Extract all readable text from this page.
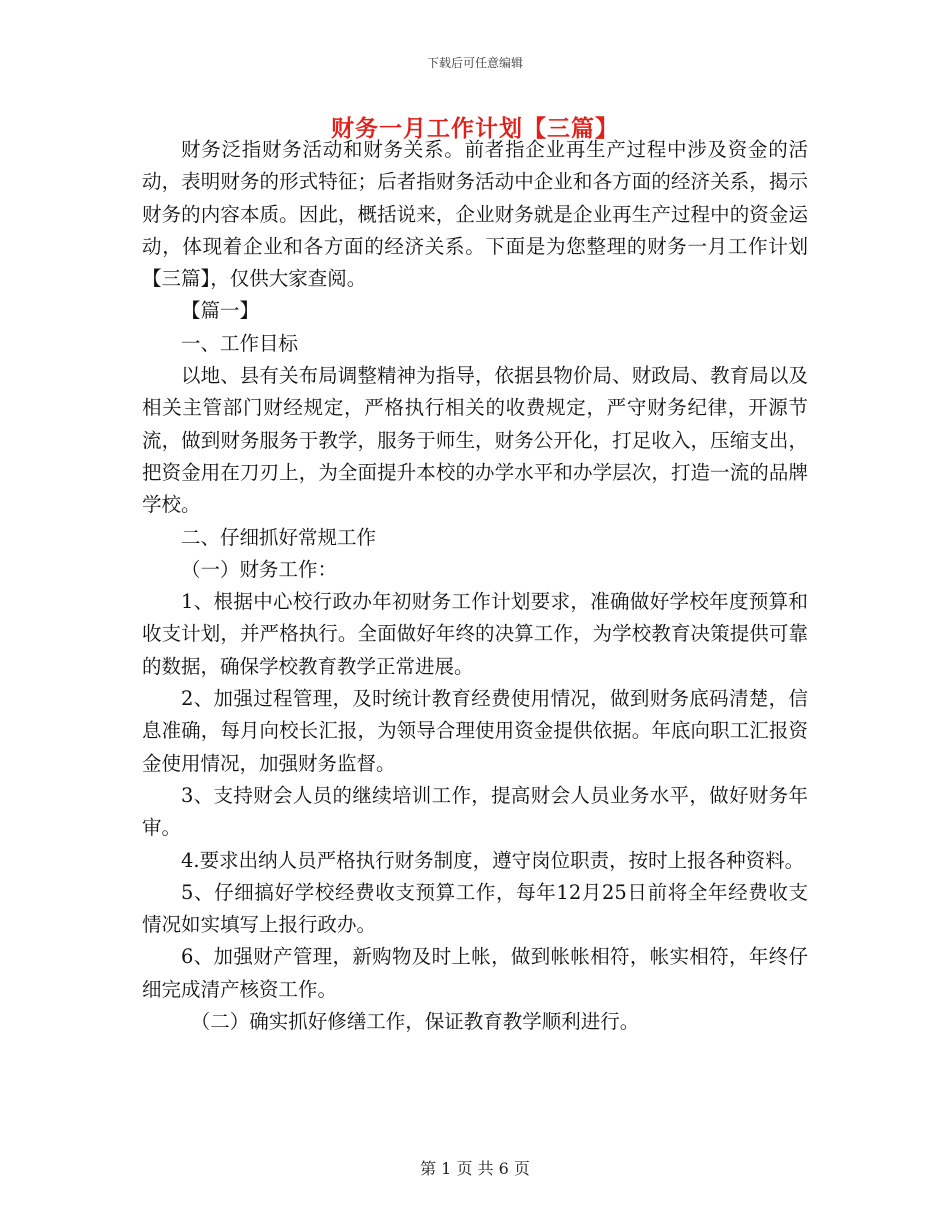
下载后可任意编辑
财务一月工作计划【三篇】

财务泛指财务活动和财务关系。前者指企业再生产过程中涉及资金的活动，表明财务的形式特征；后者指财务活动中企业和各方面的经济关系，揭示财务的内容本质。因此，概括说来，企业财务就是企业再生产过程中的资金运动，体现着企业和各方面的经济关系。下面是为您整理的财务一月工作计划【三篇】，仅供大家查阅。

【篇一】

一、工作目标

以地、县有关布局调整精神为指导，依据县物价局、财政局、教育局以及相关主管部门财经规定，严格执行相关的收费规定，严守财务纪律，开源节流，做到财务服务于教学，服务于师生，财务公开化，打足收入，压缩支出，把资金用在刀刃上，为全面提升本校的办学水平和办学层次，打造一流的品牌学校。

二、仔细抓好常规工作

（一）财务工作：

1、根据中心校行政办年初财务工作计划要求，准确做好学校年度预算和收支计划，并严格执行。全面做好年终的决算工作，为学校教育决策提供可靠的数据，确保学校教育教学正常进展。

2、加强过程管理，及时统计教育经费使用情况，做到财务底码清楚，信息准确，每月向校长汇报，为领导合理使用资金提供依据。年底向职工汇报资金使用情况，加强财务监督。

3、支持财会人员的继续培训工作，提高财会人员业务水平，做好财务年审。

4.要求出纳人员严格执行财务制度，遵守岗位职责，按时上报各种资料。

5、仔细搞好学校经费收支预算工作，每年12月25日前将全年经费收支情况如实填写上报行政办。

6、加强财产管理，新购物及时上帐，做到帐帐相符，帐实相符，年终仔细完成清产核资工作。

（二）确实抓好修缮工作，保证教育教学顺利进行。

第 1 页 共 6 页
